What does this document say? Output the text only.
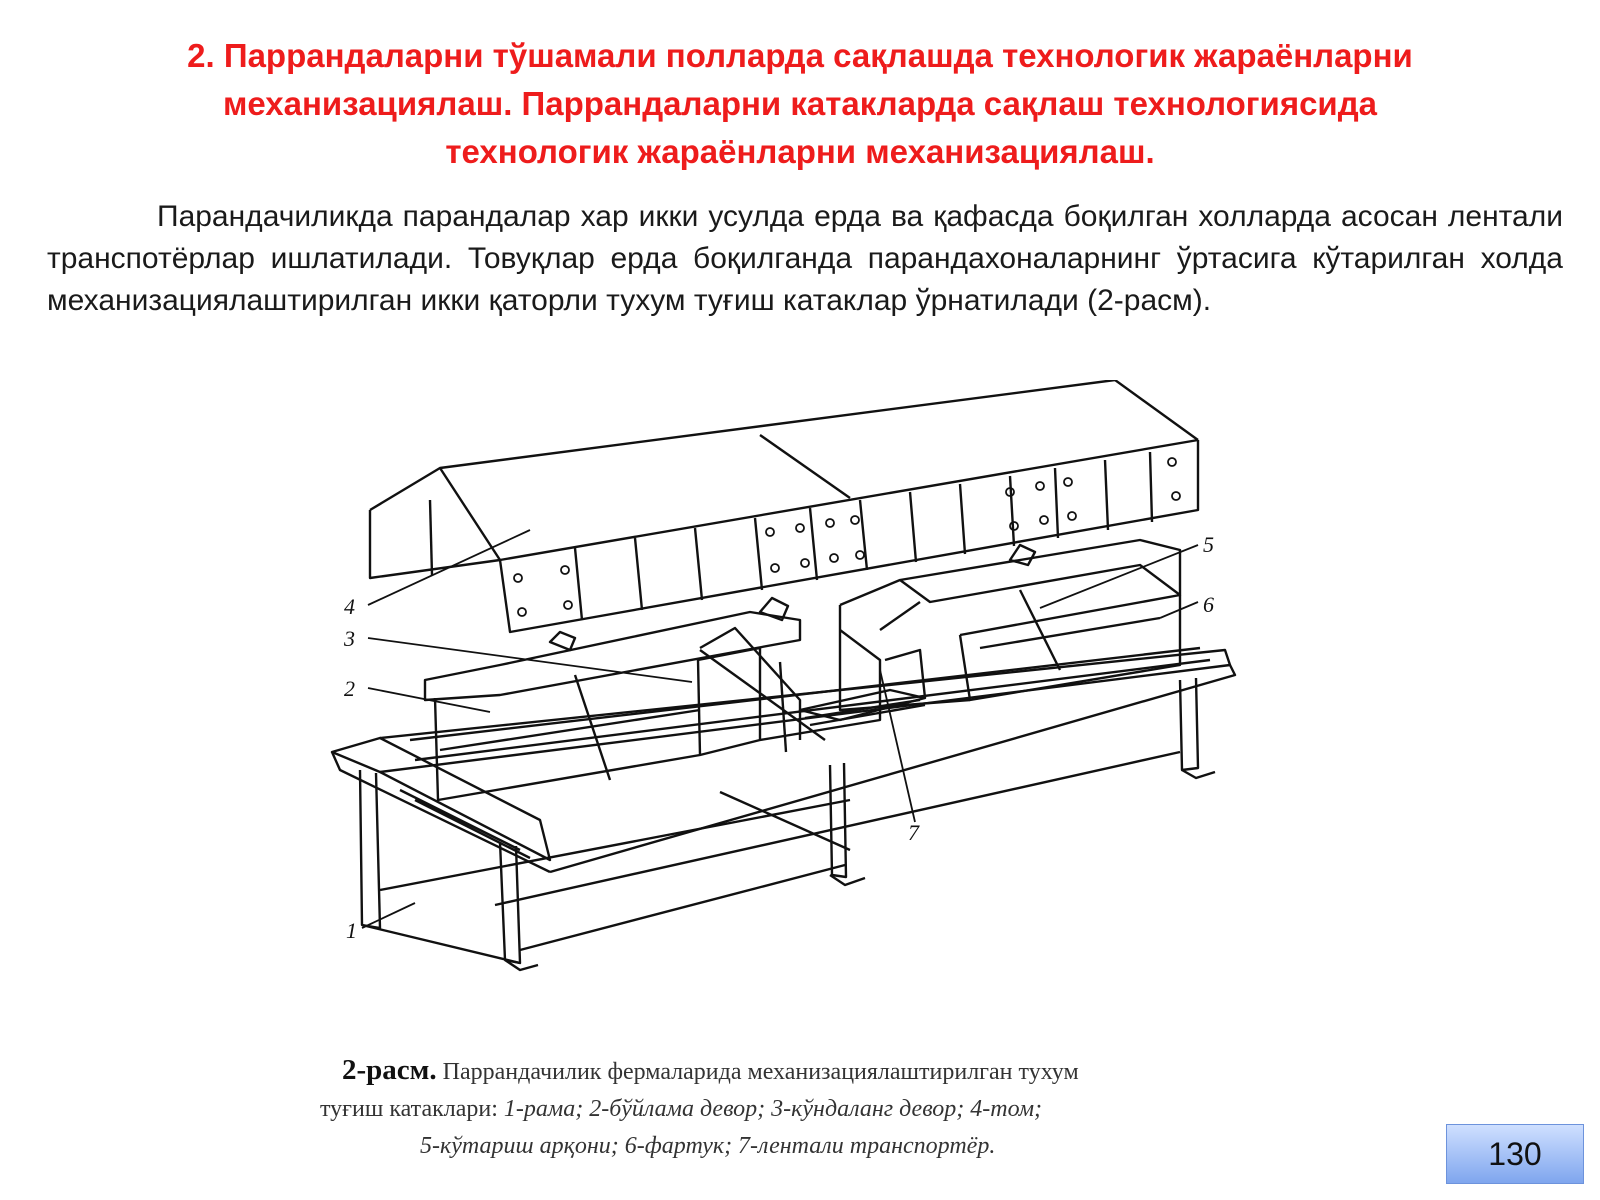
2. Паррандаларни тўшамали полларда сақлашда технологик жараёнларни
механизациялаш. Паррандаларни катакларда сақлаш технологиясида
технологик жараёнларни механизациялаш.

Парандачиликда парандалар хар икки усулда ерда ва қафасда боқилган холларда асосан лентали транспотёрлар ишлатилади. Товуқлар ерда боқилганда парандахоналарнинг ўртасига кўтарилган холда механизациялаштирилган икки қаторли тухум туғиш катаклар ўрнатилади (2-расм).

1
2
3
4
5
6
7

2-расм. Паррандачилик фермаларида механизациялаштирилган тухум
туғиш катаклари: 1-рама; 2-бўйлама девор; 3-кўндаланг девор; 4-том;
5-кўтариш арқони; 6-фартук; 7-лентали транспортёр.	130
